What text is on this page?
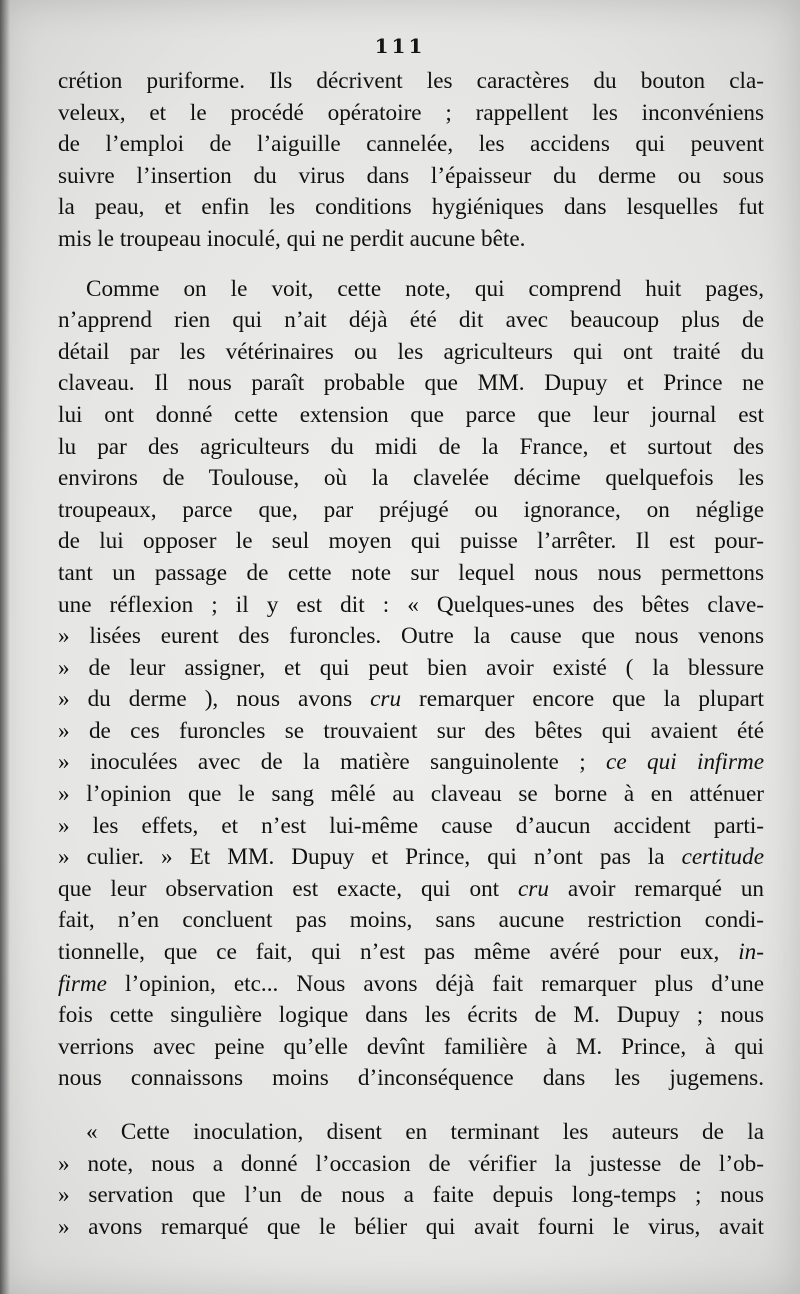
111
crétion puriforme. Ils décrivent les caractères du bouton cla-
veleux, et le procédé opératoire ; rappellent les inconvéniens
de l’emploi de l’aiguille cannelée, les accidens qui peuvent
suivre l’insertion du virus dans l’épaisseur du derme ou sous
la peau, et enfin les conditions hygiéniques dans lesquelles fut
mis le troupeau inoculé, qui ne perdit aucune bête.
Comme on le voit, cette note, qui comprend huit pages,
n’apprend rien qui n’ait déjà été dit avec beaucoup plus de
détail par les vétérinaires ou les agriculteurs qui ont traité du
claveau. Il nous paraît probable que MM. Dupuy et Prince ne
lui ont donné cette extension que parce que leur journal est
lu par des agriculteurs du midi de la France, et surtout des
environs de Toulouse, où la clavelée décime quelquefois les
troupeaux, parce que, par préjugé ou ignorance, on néglige
de lui opposer le seul moyen qui puisse l’arrêter. Il est pour-
tant un passage de cette note sur lequel nous nous permettons
une réflexion ; il y est dit : « Quelques-unes des bêtes clave-
» lisées eurent des furoncles. Outre la cause que nous venons
» de leur assigner, et qui peut bien avoir existé ( la blessure
» du derme ), nous avons cru remarquer encore que la plupart
» de ces furoncles se trouvaient sur des bêtes qui avaient été
» inoculées avec de la matière sanguinolente ; ce qui infirme
» l’opinion que le sang mêlé au claveau se borne à en atténuer
» les effets, et n’est lui-même cause d’aucun accident parti-
» culier. » Et MM. Dupuy et Prince, qui n’ont pas la certitude
que leur observation est exacte, qui ont cru avoir remarqué un
fait, n’en concluent pas moins, sans aucune restriction condi-
tionnelle, que ce fait, qui n’est pas même avéré pour eux, in-
firme l’opinion, etc... Nous avons déjà fait remarquer plus d’une
fois cette singulière logique dans les écrits de M. Dupuy ; nous
verrions avec peine qu’elle devînt familière à M. Prince, à qui
nous connaissons moins d’inconséquence dans les jugemens.
« Cette inoculation, disent en terminant les auteurs de la
» note, nous a donné l’occasion de vérifier la justesse de l’ob-
» servation que l’un de nous a faite depuis long-temps ; nous
» avons remarqué que le bélier qui avait fourni le virus, avait
